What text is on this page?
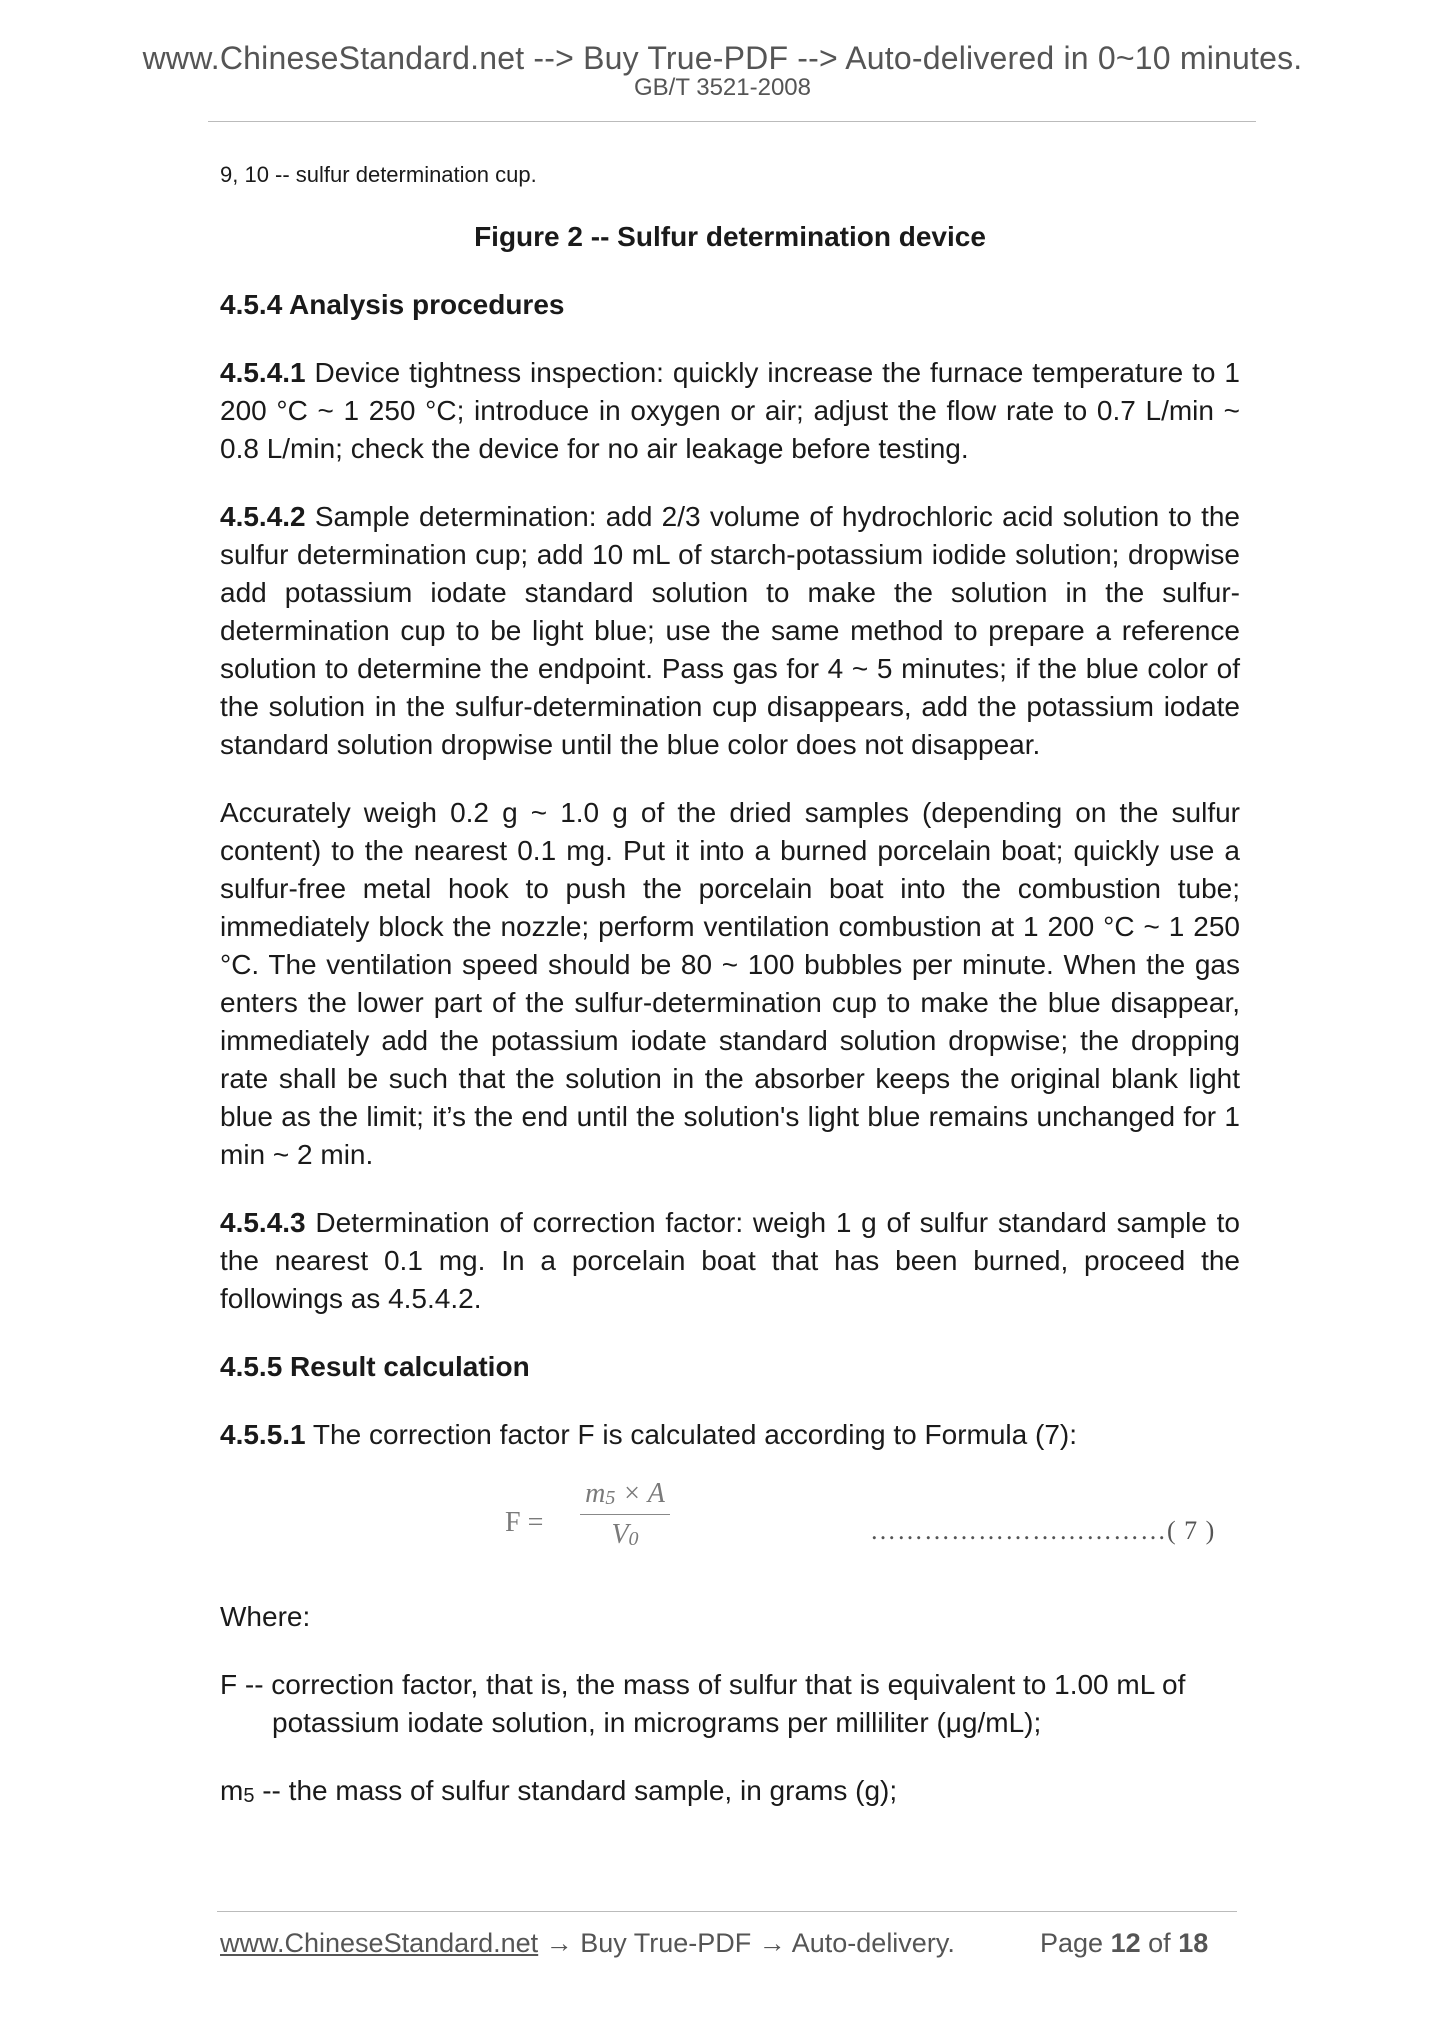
www.ChineseStandard.net --> Buy True-PDF --> Auto-delivered in 0~10 minutes.
GB/T 3521-2008
9, 10 -- sulfur determination cup.
Figure 2 -- Sulfur determination device
4.5.4 Analysis procedures
4.5.4.1 Device tightness inspection: quickly increase the furnace temperature to 1 200 °C ~ 1 250 °C; introduce in oxygen or air; adjust the flow rate to 0.7 L/min ~ 0.8 L/min; check the device for no air leakage before testing.
4.5.4.2 Sample determination: add 2/3 volume of hydrochloric acid solution to the sulfur determination cup; add 10 mL of starch-potassium iodide solution; dropwise add potassium iodate standard solution to make the solution in the sulfur-determination cup to be light blue; use the same method to prepare a reference solution to determine the endpoint. Pass gas for 4 ~ 5 minutes; if the blue color of the solution in the sulfur-determination cup disappears, add the potassium iodate standard solution dropwise until the blue color does not disappear.
Accurately weigh 0.2 g ~ 1.0 g of the dried samples (depending on the sulfur content) to the nearest 0.1 mg. Put it into a burned porcelain boat; quickly use a sulfur-free metal hook to push the porcelain boat into the combustion tube; immediately block the nozzle; perform ventilation combustion at 1 200 °C ~ 1 250 °C. The ventilation speed should be 80 ~ 100 bubbles per minute. When the gas enters the lower part of the sulfur-determination cup to make the blue disappear, immediately add the potassium iodate standard solution dropwise; the dropping rate shall be such that the solution in the absorber keeps the original blank light blue as the limit; it’s the end until the solution's light blue remains unchanged for 1 min ~ 2 min.
4.5.4.3 Determination of correction factor: weigh 1 g of sulfur standard sample to the nearest 0.1 mg. In a porcelain boat that has been burned, proceed the followings as 4.5.4.2.
4.5.5 Result calculation
4.5.5.1 The correction factor F is calculated according to Formula (7):
F =
m5 × A
V0	……………………………( 7 )
Where:
F -- correction factor, that is, the mass of sulfur that is equivalent to 1.00 mL of potassium iodate solution, in micrograms per milliliter (μg/mL);
m5 -- the mass of sulfur standard sample, in grams (g);
www.ChineseStandard.net → Buy True-PDF → Auto-delivery.	Page 12 of 18
